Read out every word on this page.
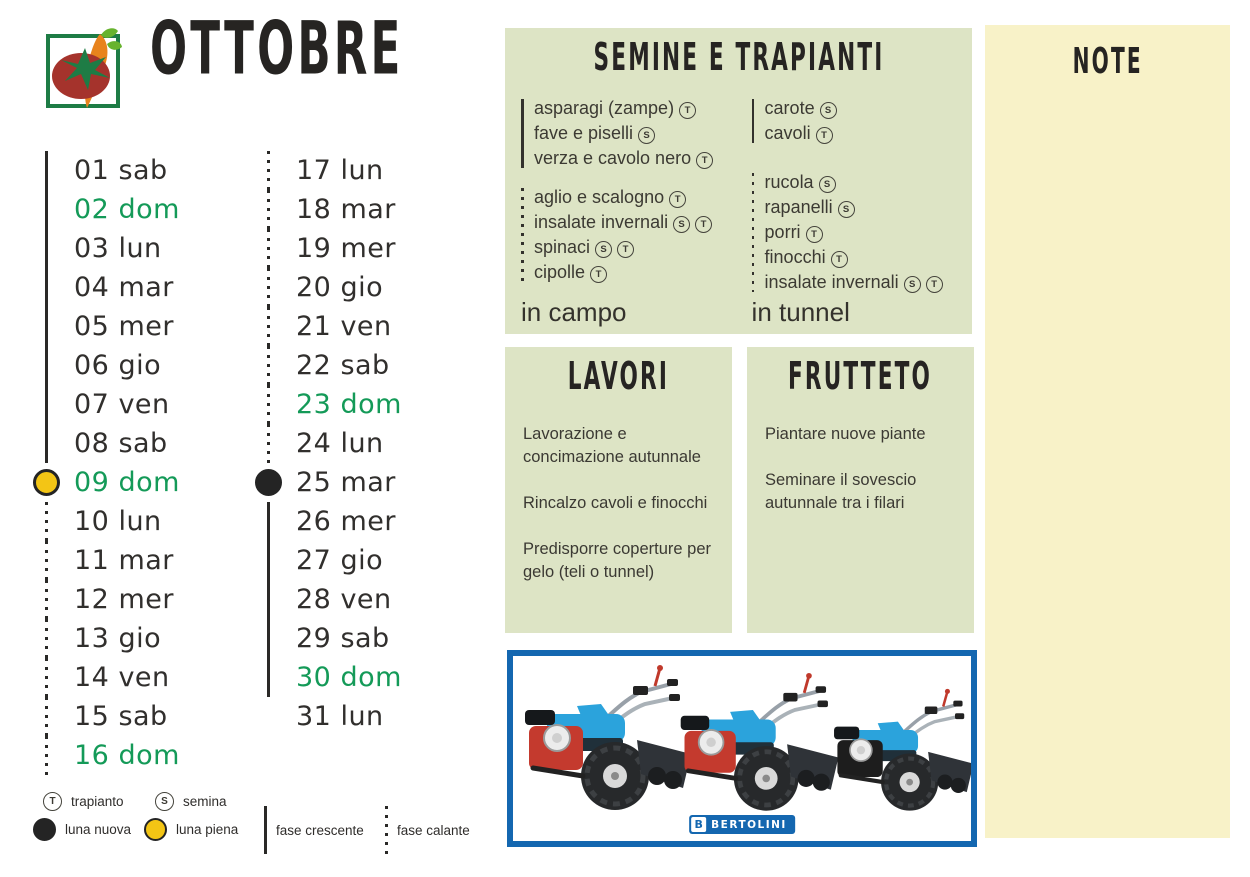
OTTOBRE
01 sab
02 dom
03 lun
04 mar
05 mer
06 gio
07 ven
08 sab
09 dom
10 lun
11 mar
12 mer
13 gio
14 ven
15 sab
16 dom
17 lun
18 mar
19 mer
20 gio
21 ven
22 sab
23 dom
24 lun
25 mar
26 mer
27 gio
28 ven
29 sab
30 dom
31 lun
SEMINE E TRAPIANTI
asparagi (zampe) T
fave e piselli S
verza e cavolo nero T
aglio e scalogno T
insalate invernali S T
spinaci S T
cipolle T
in campo
carote S
cavoli T
rucola S
rapanelli S
porri T
finocchi T
insalate invernali S T
in tunnel
LAVORI

Lavorazione e concimazione autunnale

Rincalzo cavoli e finocchi

Predisporre coperture per gelo (teli o tunnel)

FRUTTETO

Piantare nuove piante

Seminare il sovescio autunnale tra i filari

NOTE
T	trapianto	S	semina
luna nuova	luna piena	fase crescente fase calante	B BERTOLINI
